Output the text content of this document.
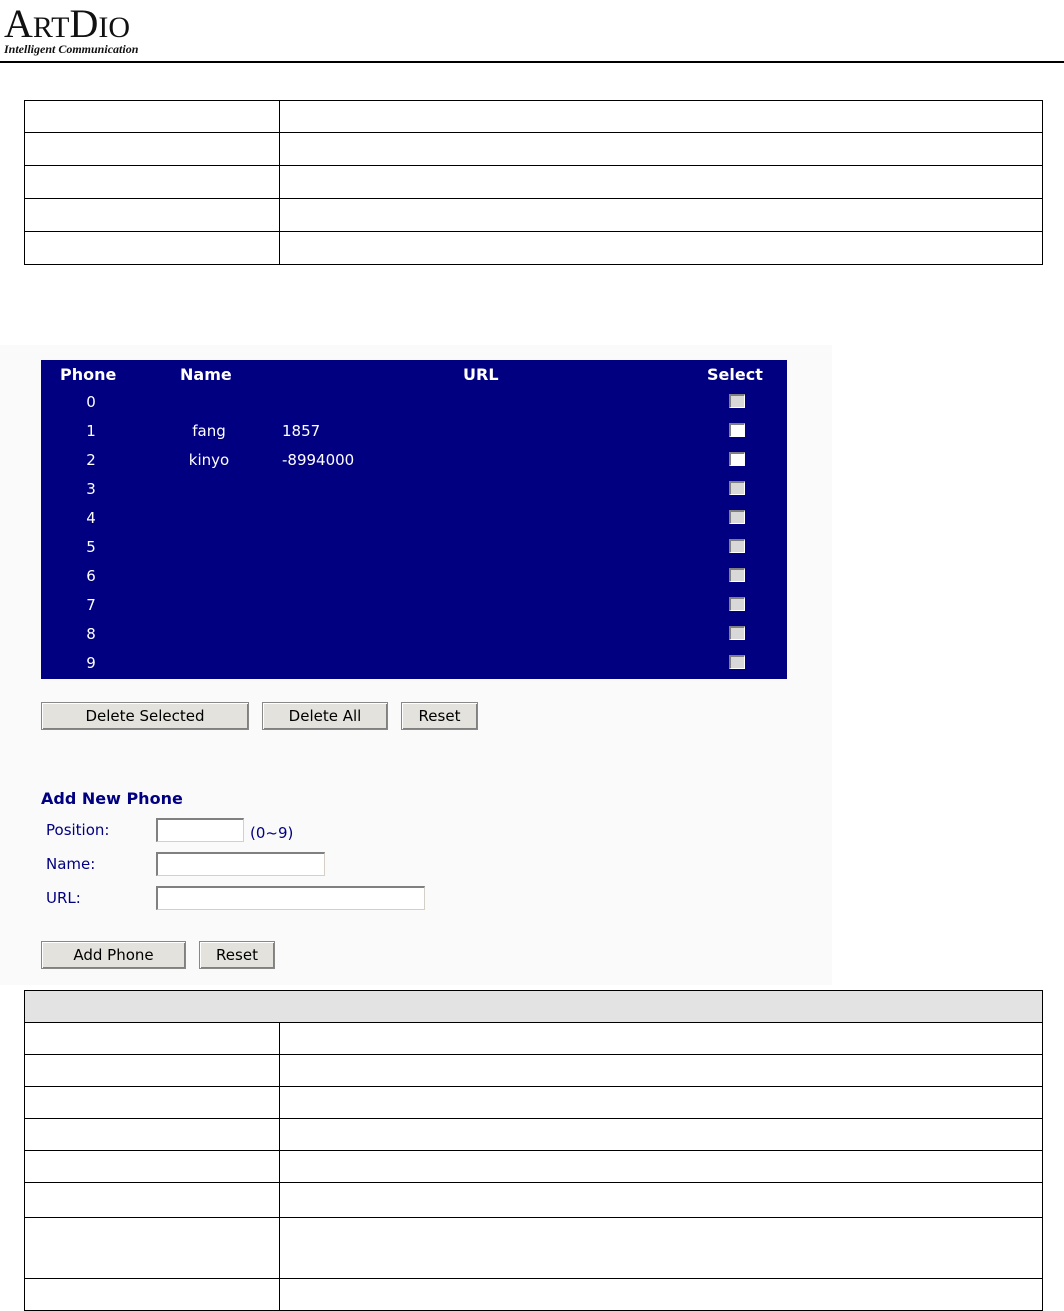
ARTDIO
Intelligent Communication

Phone	Name	URL	Select
0
1	fang	1857
2	kinyo	-8994000
3
4
5
6
7
8
9
Delete Selected	Delete All	Reset
Add New Phone
Position:	(0~9)
Name:
URL:
Add Phone	Reset
